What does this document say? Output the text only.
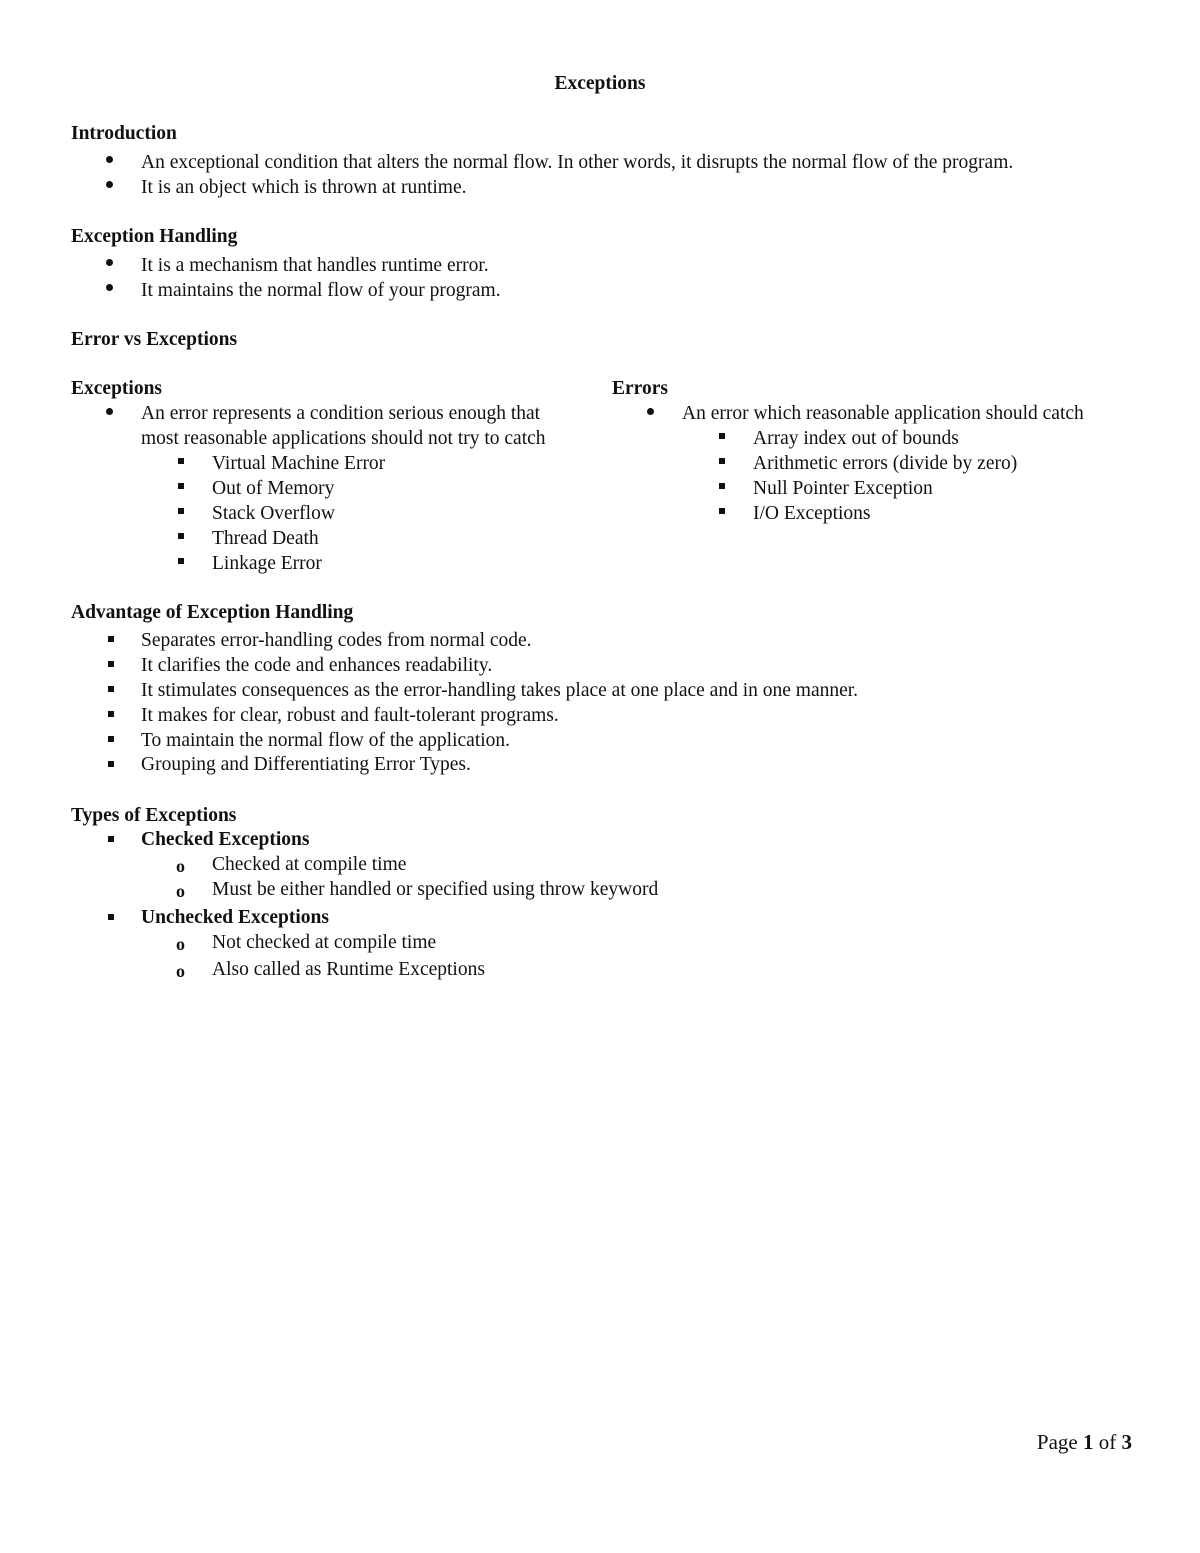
Exceptions
Introduction
An exceptional condition that alters the normal flow. In other words, it disrupts the normal flow of the program.
It is an object which is thrown at runtime.
Exception Handling
It is a mechanism that handles runtime error.
It maintains the normal flow of your program.
Error vs Exceptions
Exceptions
An error represents a condition serious enough that
most reasonable applications should not try to catch
Virtual Machine Error
Out of Memory
Stack Overflow
Thread Death
Linkage Error
Errors
An error which reasonable application should catch
Array index out of bounds
Arithmetic errors (divide by zero)
Null Pointer Exception
I/O Exceptions
Advantage of Exception Handling
Separates error-handling codes from normal code.
It clarifies the code and enhances readability.
It stimulates consequences as the error-handling takes place at one place and in one manner.
It makes for clear, robust and fault-tolerant programs.
To maintain the normal flow of the application.
Grouping and Differentiating Error Types.
Types of Exceptions
Checked Exceptions
o Checked at compile time
o Must be either handled or specified using throw keyword
Unchecked Exceptions
o Not checked at compile time
o Also called as Runtime Exceptions
Page 1 of 3
